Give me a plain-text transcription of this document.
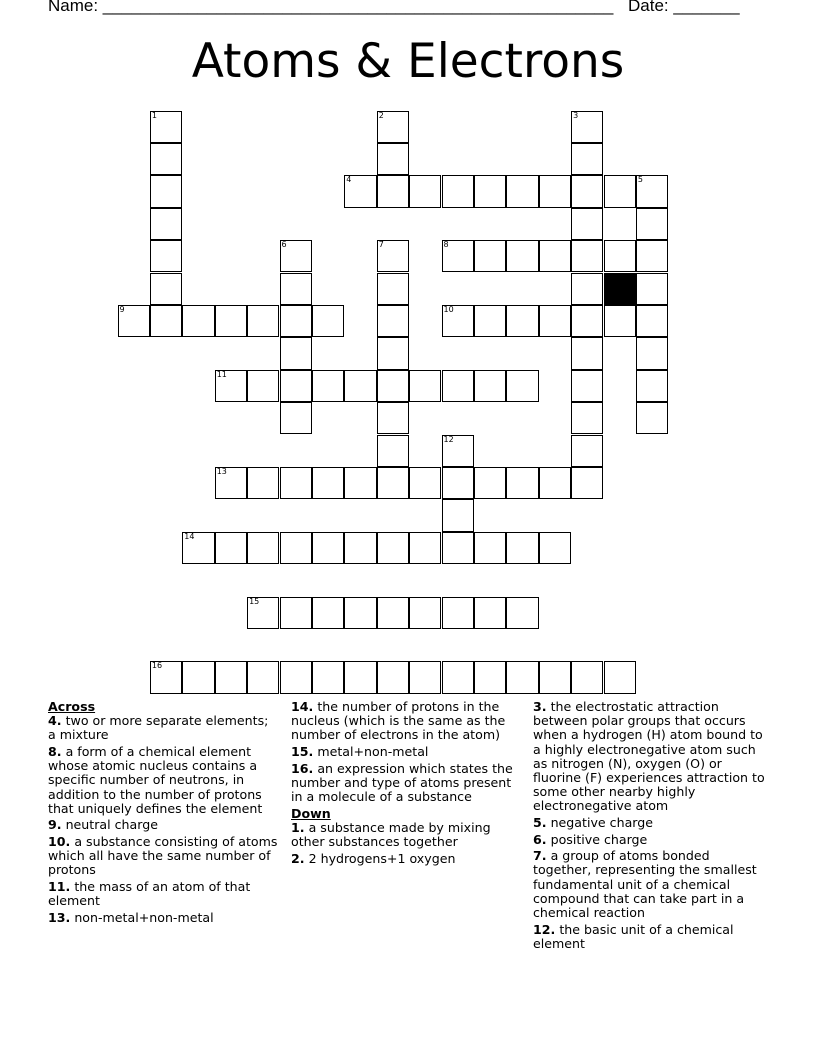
Name: ______________________________________________________ Date: _______
Atoms & Electrons
1	2	3
4	5
6	7	8
9	10
11
12
13
14
15
16
Across
4. two or more separate elements; a mixture
8. a form of a chemical element whose atomic nucleus contains a specific number of neutrons, in addition to the number of protons that uniquely defines the element
9. neutral charge
10. a substance consisting of atoms which all have the same number of protons
11. the mass of an atom of that element
13. non-metal+non-metal
14. the number of protons in the nucleus (which is the same as the number of electrons in the atom)
15. metal+non-metal
16. an expression which states the number and type of atoms present in a molecule of a substance
Down
1. a substance made by mixing other substances together
2. 2 hydrogens+1 oxygen
3. the electrostatic attraction between polar groups that occurs when a hydrogen (H) atom bound to a highly electronegative atom such as nitrogen (N), oxygen (O) or fluorine (F) experiences attraction to some other nearby highly electronegative atom
5. negative charge
6. positive charge
7. a group of atoms bonded together, representing the smallest fundamental unit of a chemical compound that can take part in a chemical reaction
12. the basic unit of a chemical element
